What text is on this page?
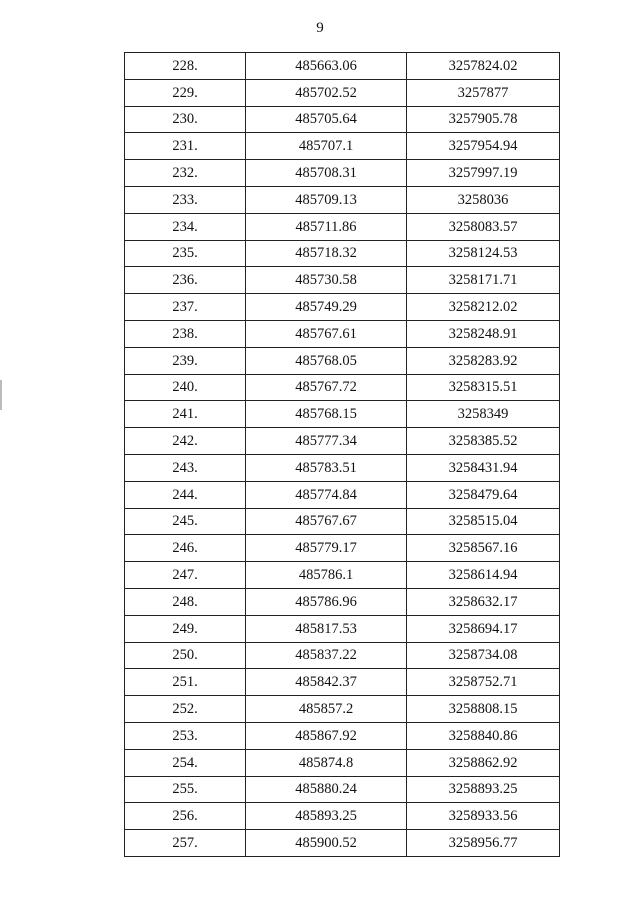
9
228.	485663.06	3257824.02
229.	485702.52	3257877
230.	485705.64	3257905.78
231.	485707.1	3257954.94
232.	485708.31	3257997.19
233.	485709.13	3258036
234.	485711.86	3258083.57
235.	485718.32	3258124.53
236.	485730.58	3258171.71
237.	485749.29	3258212.02
238.	485767.61	3258248.91
239.	485768.05	3258283.92
240.	485767.72	3258315.51
241.	485768.15	3258349
242.	485777.34	3258385.52
243.	485783.51	3258431.94
244.	485774.84	3258479.64
245.	485767.67	3258515.04
246.	485779.17	3258567.16
247.	485786.1	3258614.94
248.	485786.96	3258632.17
249.	485817.53	3258694.17
250.	485837.22	3258734.08
251.	485842.37	3258752.71
252.	485857.2	3258808.15
253.	485867.92	3258840.86
254.	485874.8	3258862.92
255.	485880.24	3258893.25
256.	485893.25	3258933.56
257.	485900.52	3258956.77
